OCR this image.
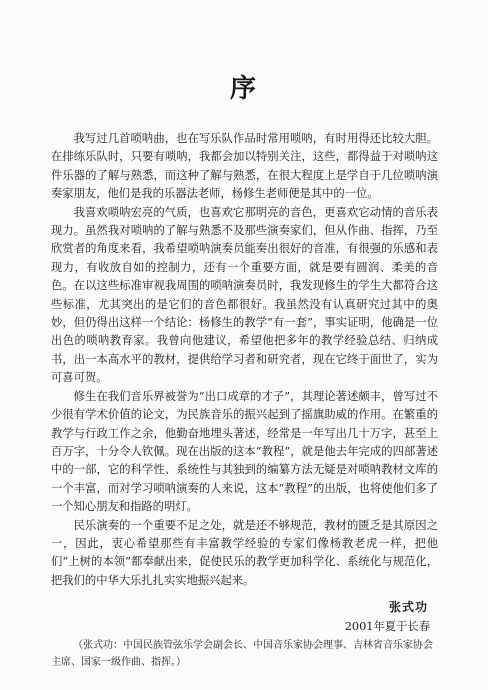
序

我写过几首唢呐曲，也在写乐队作品时常用唢呐，有时用得还比较大胆。在排练乐队时，只要有唢呐，我都会加以特别关注，这些，都得益于对唢呐这件乐器的了解与熟悉，而这种了解与熟悉，在很大程度上是学自于几位唢呐演奏家朋友，他们是我的乐器法老师，杨修生老师便是其中的一位。

我喜欢唢呐宏亮的气质，也喜欢它那明亮的音色，更喜欢它动情的音乐表现力。虽然我对唢呐的了解与熟悉不及那些演奏家们，但从作曲、指挥，乃至欣赏者的角度来看，我希望唢呐演奏员能奏出很好的音准，有很强的乐感和表现力，有收放自如的控制力，还有一个重要方面，就是要有圆润、柔美的音色。在以这些标准审视我周围的唢呐演奏员时，我发现修生的学生大都符合这些标准，尤其突出的是它们的音色都很好。我虽然没有认真研究过其中的奥妙，但仍得出这样一个结论：杨修生的教学“有一套”，事实证明，他确是一位出色的唢呐教育家。我曾向他建议，希望他把多年的教学经验总结、归纳成书，出一本高水平的教材，提供给学习者和研究者，现在它终于面世了，实为可喜可贺。

修生在我们音乐界被誉为“出口成章的才子”，其理论著述颇丰，曾写过不少很有学术价值的论文，为民族音乐的振兴起到了摇旗助威的作用。在繁重的教学与行政工作之余，他勤奋地埋头著述，经常是一年写出几十万字，甚至上百万字，十分令人钦佩。现在出版的这本“教程”，就是他去年完成的四部著述中的一部，它的科学性、系统性与其独到的编纂方法无疑是对唢呐教材文库的一个丰富，而对学习唢呐演奏的人来说，这本“教程”的出版，也将使他们多了一个知心朋友和指路的明灯。

民乐演奏的一个重要不足之处，就是还不够规范，教材的匮乏是其原因之一，因此，衷心希望那些有丰富教学经验的专家们像杨教老虎一样，把他们“上树的本领”都奉献出来，促使民乐的教学更加科学化、系统化与规范化，把我们的中华大乐扎扎实实地振兴起来。

张式功
2001年夏于长春
（张式功：中国民族管弦乐学会副会长、中国音乐家协会理事、吉林省音乐家协会主席、国家一级作曲、指挥。）
